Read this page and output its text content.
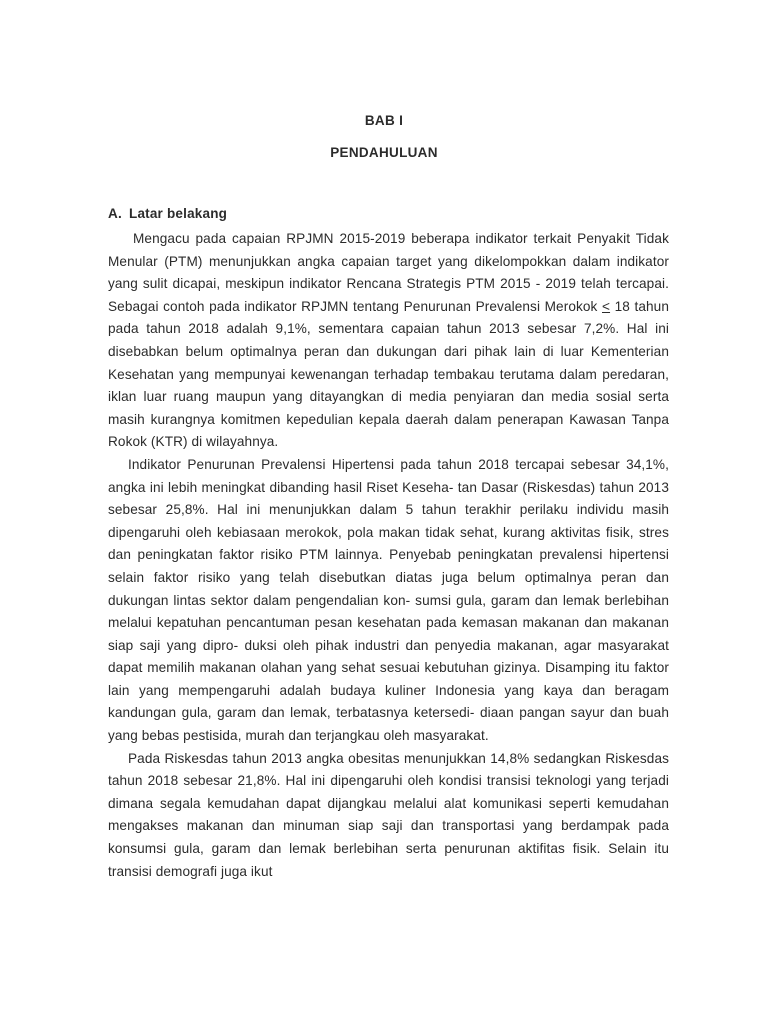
BAB I
PENDAHULUAN
A. Latar belakang

Mengacu pada capaian RPJMN 2015-2019 beberapa indikator terkait Penyakit Tidak Menular (PTM) menunjukkan angka capaian target yang dikelompokkan dalam indikator yang sulit dicapai, meskipun indikator Rencana Strategis PTM 2015 - 2019 telah tercapai. Sebagai contoh pada indikator RPJMN tentang Penurunan Prevalensi Merokok ≤ 18 tahun pada tahun 2018 adalah 9,1%, sementara capaian tahun 2013 sebesar 7,2%. Hal ini disebabkan belum optimalnya peran dan dukungan dari pihak lain di luar Kementerian Kesehatan yang mempunyai kewenangan terhadap tembakau terutama dalam peredaran, iklan luar ruang maupun yang ditayangkan di media penyiaran dan media sosial serta masih kurangnya komitmen kepedulian kepala daerah dalam penerapan Kawasan Tanpa Rokok (KTR) di wilayahnya.

Indikator Penurunan Prevalensi Hipertensi pada tahun 2018 tercapai sebesar 34,1%, angka ini lebih meningkat dibanding hasil Riset Keseha- tan Dasar (Riskesdas) tahun 2013 sebesar 25,8%. Hal ini menunjukkan dalam 5 tahun terakhir perilaku individu masih dipengaruhi oleh kebiasaan merokok, pola makan tidak sehat, kurang aktivitas fisik, stres dan peningkatan faktor risiko PTM lainnya. Penyebab peningkatan prevalensi hipertensi selain faktor risiko yang telah disebutkan diatas juga belum optimalnya peran dan dukungan lintas sektor dalam pengendalian kon- sumsi gula, garam dan lemak berlebihan melalui kepatuhan pencantuman pesan kesehatan pada kemasan makanan dan makanan siap saji yang dipro- duksi oleh pihak industri dan penyedia makanan, agar masyarakat dapat memilih makanan olahan yang sehat sesuai kebutuhan gizinya. Disamping itu faktor lain yang mempengaruhi adalah budaya kuliner Indonesia yang kaya dan beragam kandungan gula, garam dan lemak, terbatasnya ketersedi- diaan pangan sayur dan buah yang bebas pestisida, murah dan terjangkau oleh masyarakat.

Pada Riskesdas tahun 2013 angka obesitas menunjukkan 14,8% sedangkan Riskesdas tahun 2018 sebesar 21,8%. Hal ini dipengaruhi oleh kondisi transisi teknologi yang terjadi dimana segala kemudahan dapat dijangkau melalui alat komunikasi seperti kemudahan mengakses makanan dan minuman siap saji dan transportasi yang berdampak pada konsumsi gula, garam dan lemak berlebihan serta penurunan aktifitas fisik. Selain itu transisi demografi juga ikut
